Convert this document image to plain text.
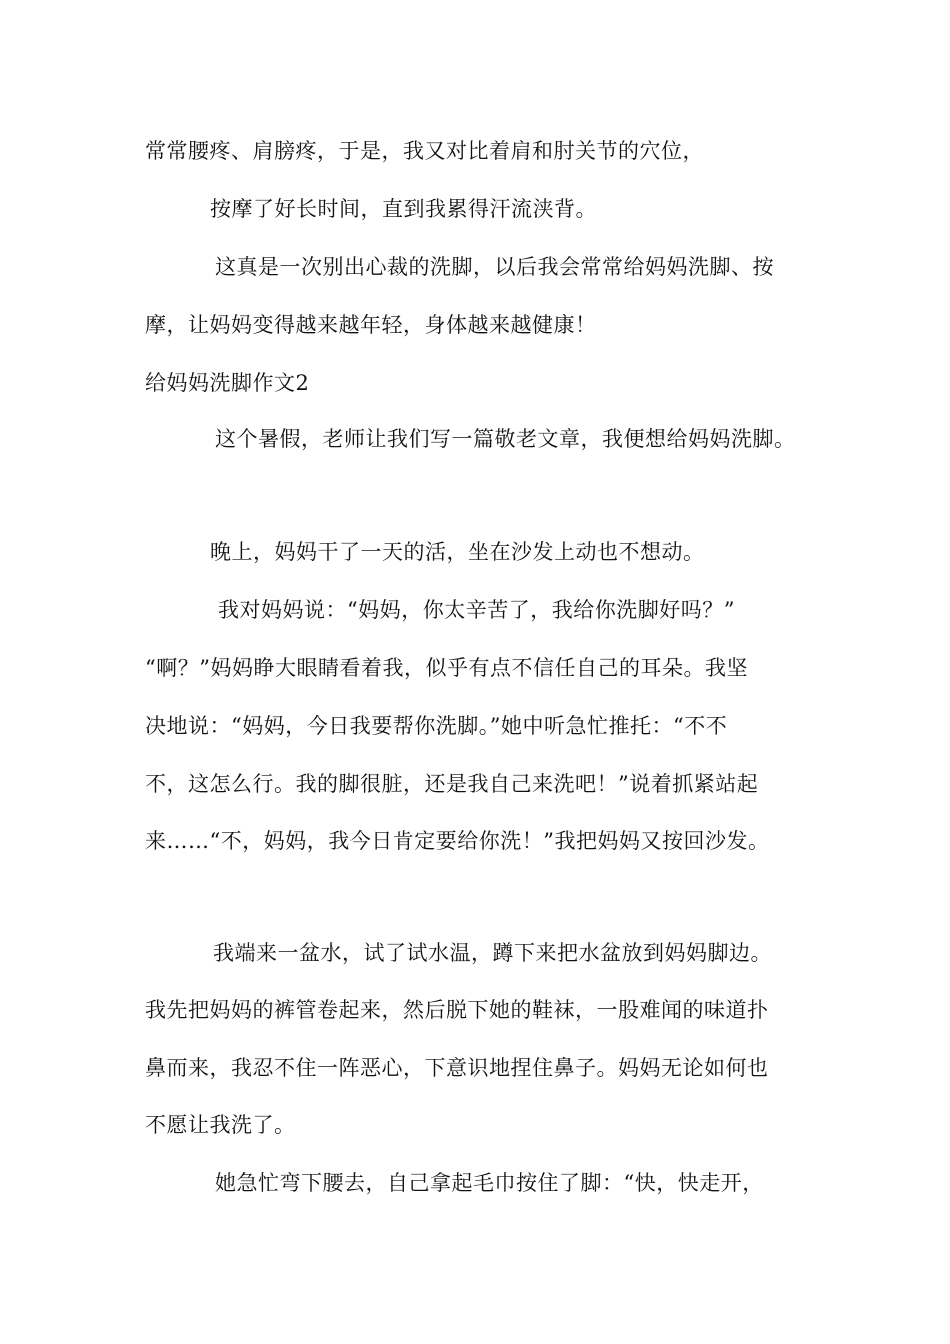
常常腰疼、肩膀疼，于是，我又对比着肩和肘关节的穴位，
按摩了好长时间，直到我累得汗流浃背。
这真是一次别出心裁的洗脚，以后我会常常给妈妈洗脚、按
摩，让妈妈变得越来越年轻，身体越来越健康！
给妈妈洗脚作文2
这个暑假，老师让我们写一篇敬老文章，我便想给妈妈洗脚。
晚上，妈妈干了一天的活，坐在沙发上动也不想动。
我对妈妈说：“妈妈，你太辛苦了，我给你洗脚好吗？”
“啊？”妈妈睁大眼睛看着我，似乎有点不信任自己的耳朵。我坚
决地说：“妈妈，今日我要帮你洗脚。”她中听急忙推托：“不不
不，这怎么行。我的脚很脏，还是我自己来洗吧！”说着抓紧站起
来……“不，妈妈，我今日肯定要给你洗！”我把妈妈又按回沙发。
我端来一盆水，试了试水温，蹲下来把水盆放到妈妈脚边。
我先把妈妈的裤管卷起来，然后脱下她的鞋袜，一股难闻的味道扑
鼻而来，我忍不住一阵恶心，下意识地捏住鼻子。妈妈无论如何也
不愿让我洗了。
她急忙弯下腰去，自己拿起毛巾按住了脚：“快，快走开，
